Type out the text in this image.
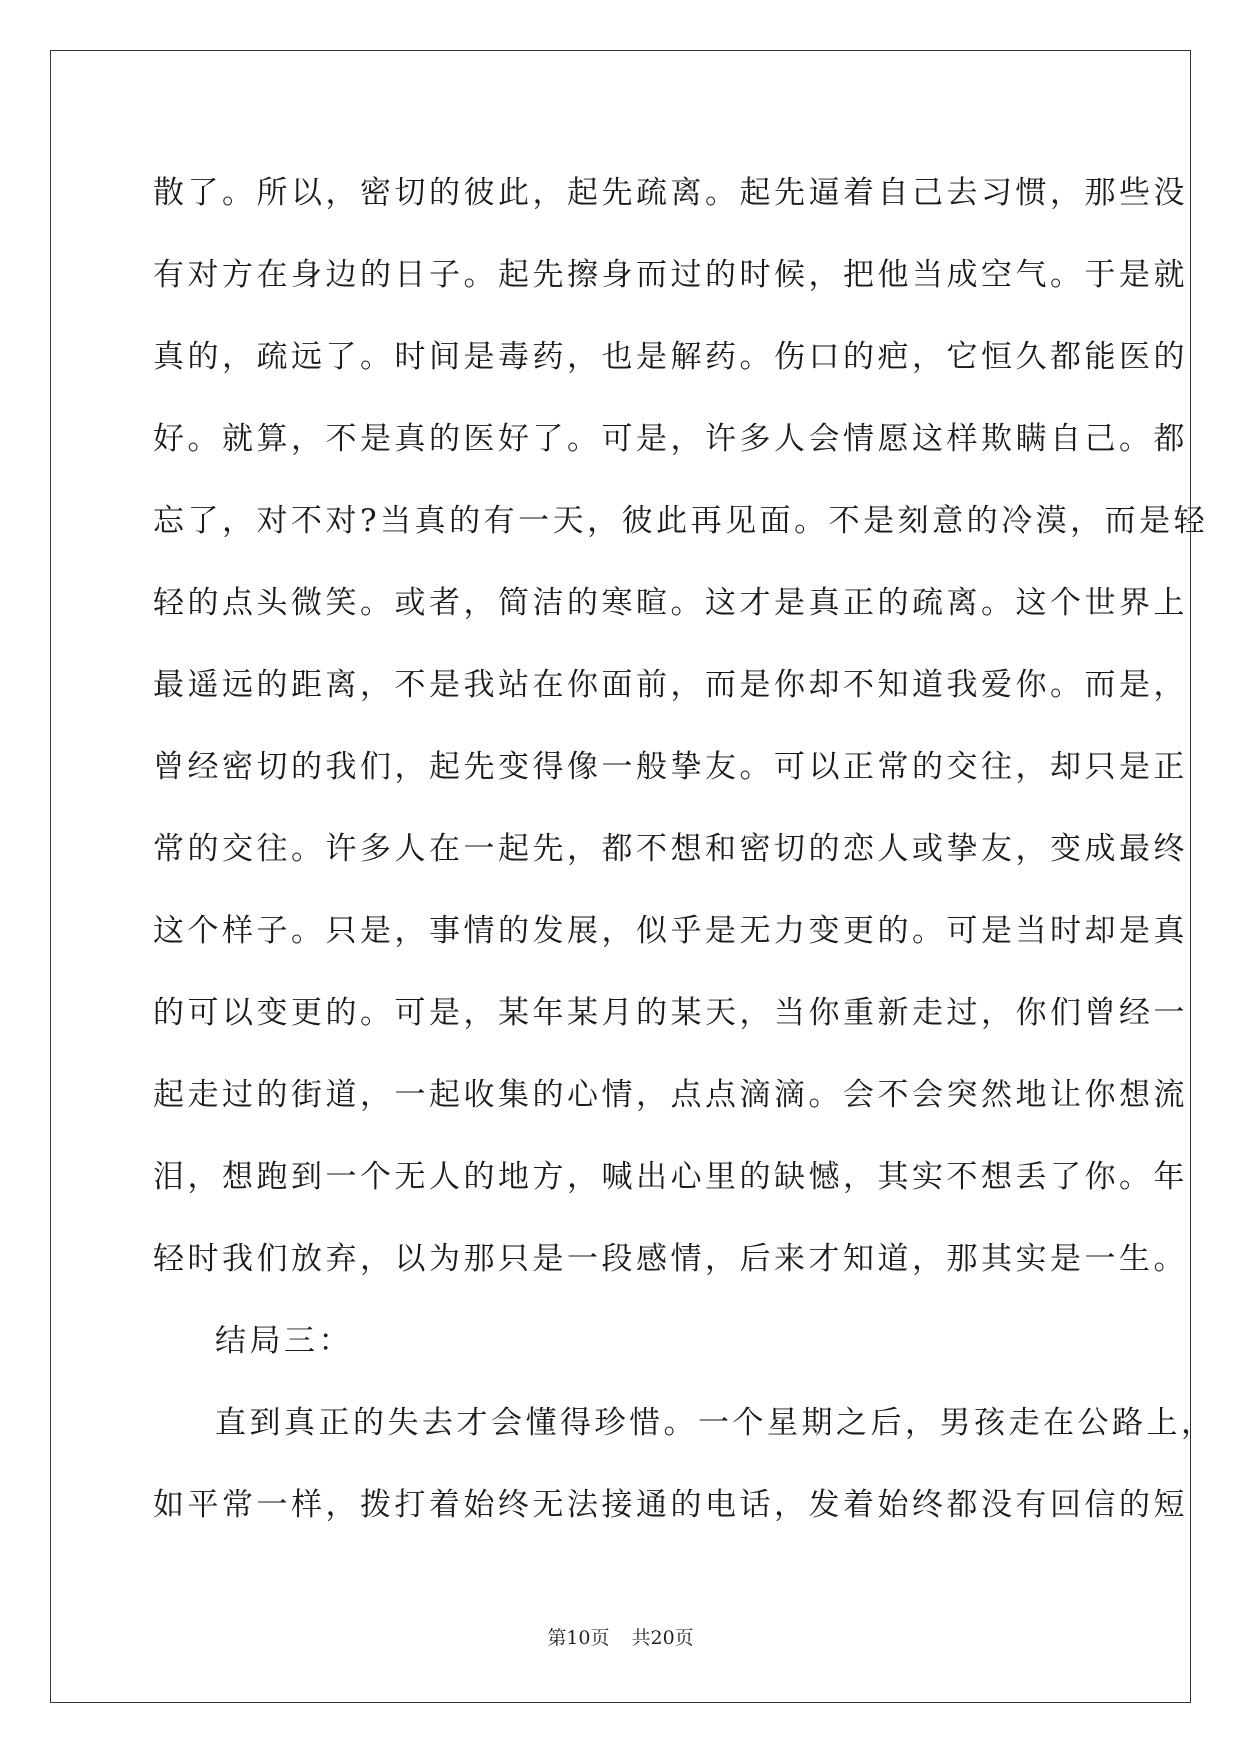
散了。所以，密切的彼此，起先疏离。起先逼着自己去习惯，那些没
有对方在身边的日子。起先擦身而过的时候，把他当成空气。于是就
真的，疏远了。时间是毒药，也是解药。伤口的疤，它恒久都能医的
好。就算，不是真的医好了。可是，许多人会情愿这样欺瞒自己。都
忘了，对不对?当真的有一天，彼此再见面。不是刻意的冷漠，而是轻
轻的点头微笑。或者，简洁的寒暄。这才是真正的疏离。这个世界上
最遥远的距离，不是我站在你面前，而是你却不知道我爱你。而是，
曾经密切的我们，起先变得像一般挚友。可以正常的交往，却只是正
常的交往。许多人在一起先，都不想和密切的恋人或挚友，变成最终
这个样子。只是，事情的发展，似乎是无力变更的。可是当时却是真
的可以变更的。可是，某年某月的某天，当你重新走过，你们曾经一
起走过的街道，一起收集的心情，点点滴滴。会不会突然地让你想流
泪，想跑到一个无人的地方，喊出心里的缺憾，其实不想丢了你。年
轻时我们放弃，以为那只是一段感情，后来才知道，那其实是一生。
结局三：
直到真正的失去才会懂得珍惜。一个星期之后，男孩走在公路上，
如平常一样，拨打着始终无法接通的电话，发着始终都没有回信的短
第10页 共20页
